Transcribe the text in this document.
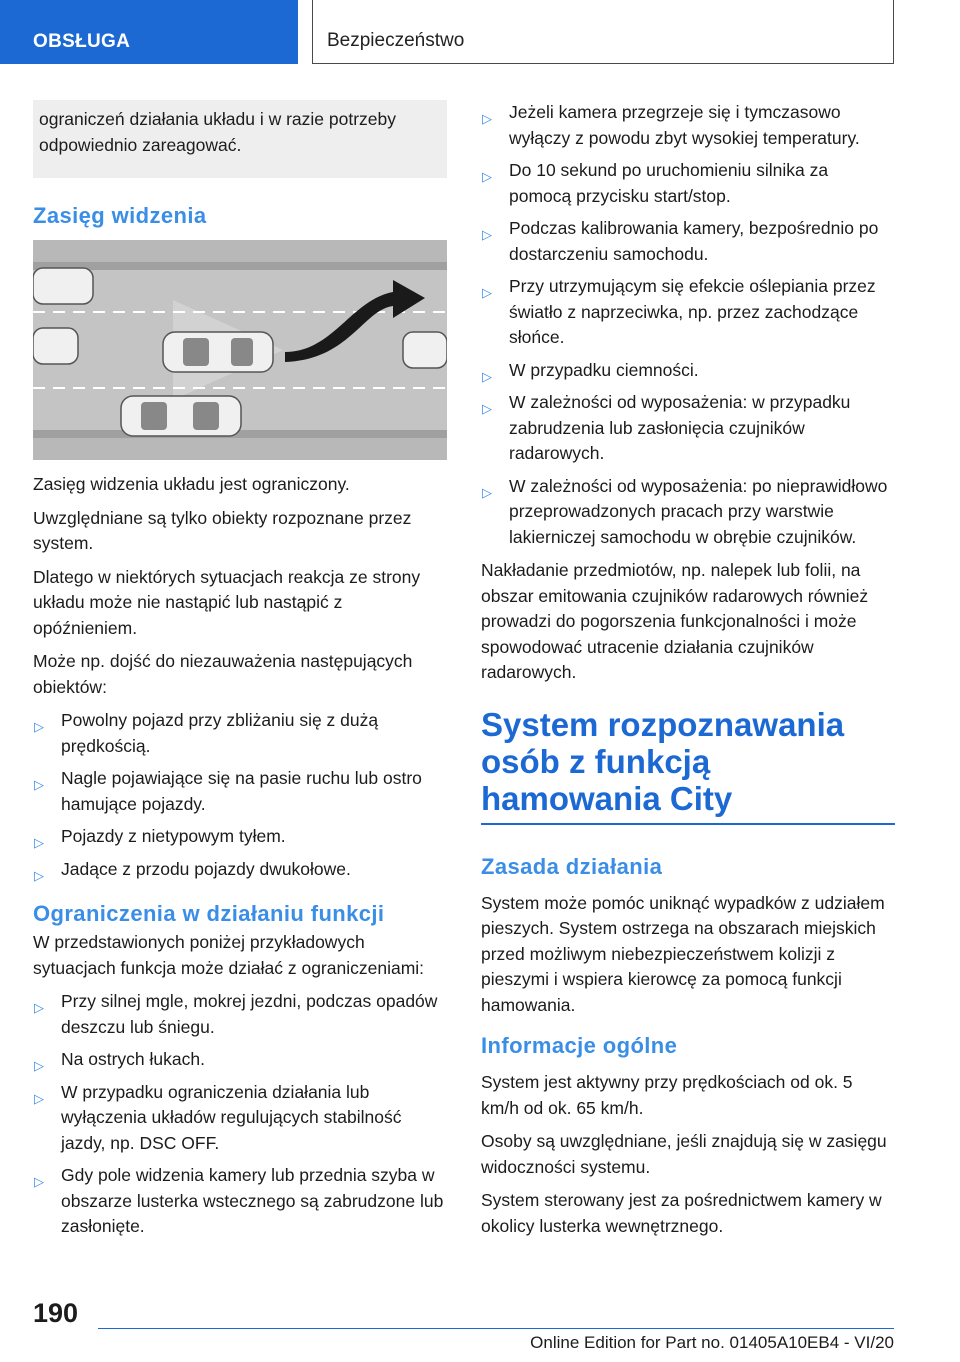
OBSŁUGA	Bezpieczeństwo
ograniczeń działania układu i w razie potrzeby odpowiednio zareagować.
Zasięg widzenia

Zasięg widzenia układu jest ograniczony.

Uwzględniane są tylko obiekty rozpoznane przez system.

Dlatego w niektórych sytuacjach reakcja ze strony układu może nie nastąpić lub nastąpić z opóźnieniem.

Może np. dojść do niezauważenia następujących obiektów:

▷ Powolny pojazd przy zbliżaniu się z dużą prędkością.
▷ Nagle pojawiające się na pasie ruchu lub ostro hamujące pojazdy.
▷ Pojazdy z nietypowym tyłem.
▷ Jadące z przodu pojazdy dwukołowe.
Ograniczenia w działaniu funkcji

W przedstawionych poniżej przykładowych sytuacjach funkcja może działać z ograniczeniami:

▷ Przy silnej mgle, mokrej jezdni, podczas opadów deszczu lub śniegu.
▷ Na ostrych łukach.
▷ W przypadku ograniczenia działania lub wyłączenia układów regulujących stabilność jazdy, np. DSC OFF.
▷ Gdy pole widzenia kamery lub przednia szyba w obszarze lusterka wstecznego są zabrudzone lub zasłonięte.
▷ Jeżeli kamera przegrzeje się i tymczasowo wyłączy z powodu zbyt wysokiej temperatury.
▷ Do 10 sekund po uruchomieniu silnika za pomocą przycisku start/stop.
▷ Podczas kalibrowania kamery, bezpośrednio po dostarczeniu samochodu.
▷ Przy utrzymującym się efekcie oślepiania przez światło z naprzeciwka, np. przez zachodzące słońce.
▷ W przypadku ciemności.
▷ W zależności od wyposażenia: w przypadku zabrudzenia lub zasłonięcia czujników radarowych.
▷ W zależności od wyposażenia: po nieprawidłowo przeprowadzonych pracach przy warstwie lakierniczej samochodu w obrębie czujników.

Nakładanie przedmiotów, np. nalepek lub folii, na obszar emitowania czujników radarowych również prowadzi do pogorszenia funkcjonalności i może spowodować utracenie działania czujników radarowych.

System rozpoznawania osób z funkcją hamowania City
Zasada działania

System może pomóc uniknąć wypadków z udziałem pieszych. System ostrzega na obszarach miejskich przed możliwym niebezpieczeństwem kolizji z pieszymi i wspiera kierowcę za pomocą funkcji hamowania.

Informacje ogólne

System jest aktywny przy prędkościach od ok. 5 km/h od ok. 65 km/h.

Osoby są uwzględniane, jeśli znajdują się w zasięgu widoczności systemu.

System sterowany jest za pośrednictwem kamery w okolicy lusterka wewnętrznego.

190
Online Edition for Part no. 01405A10EB4 - VI/20
